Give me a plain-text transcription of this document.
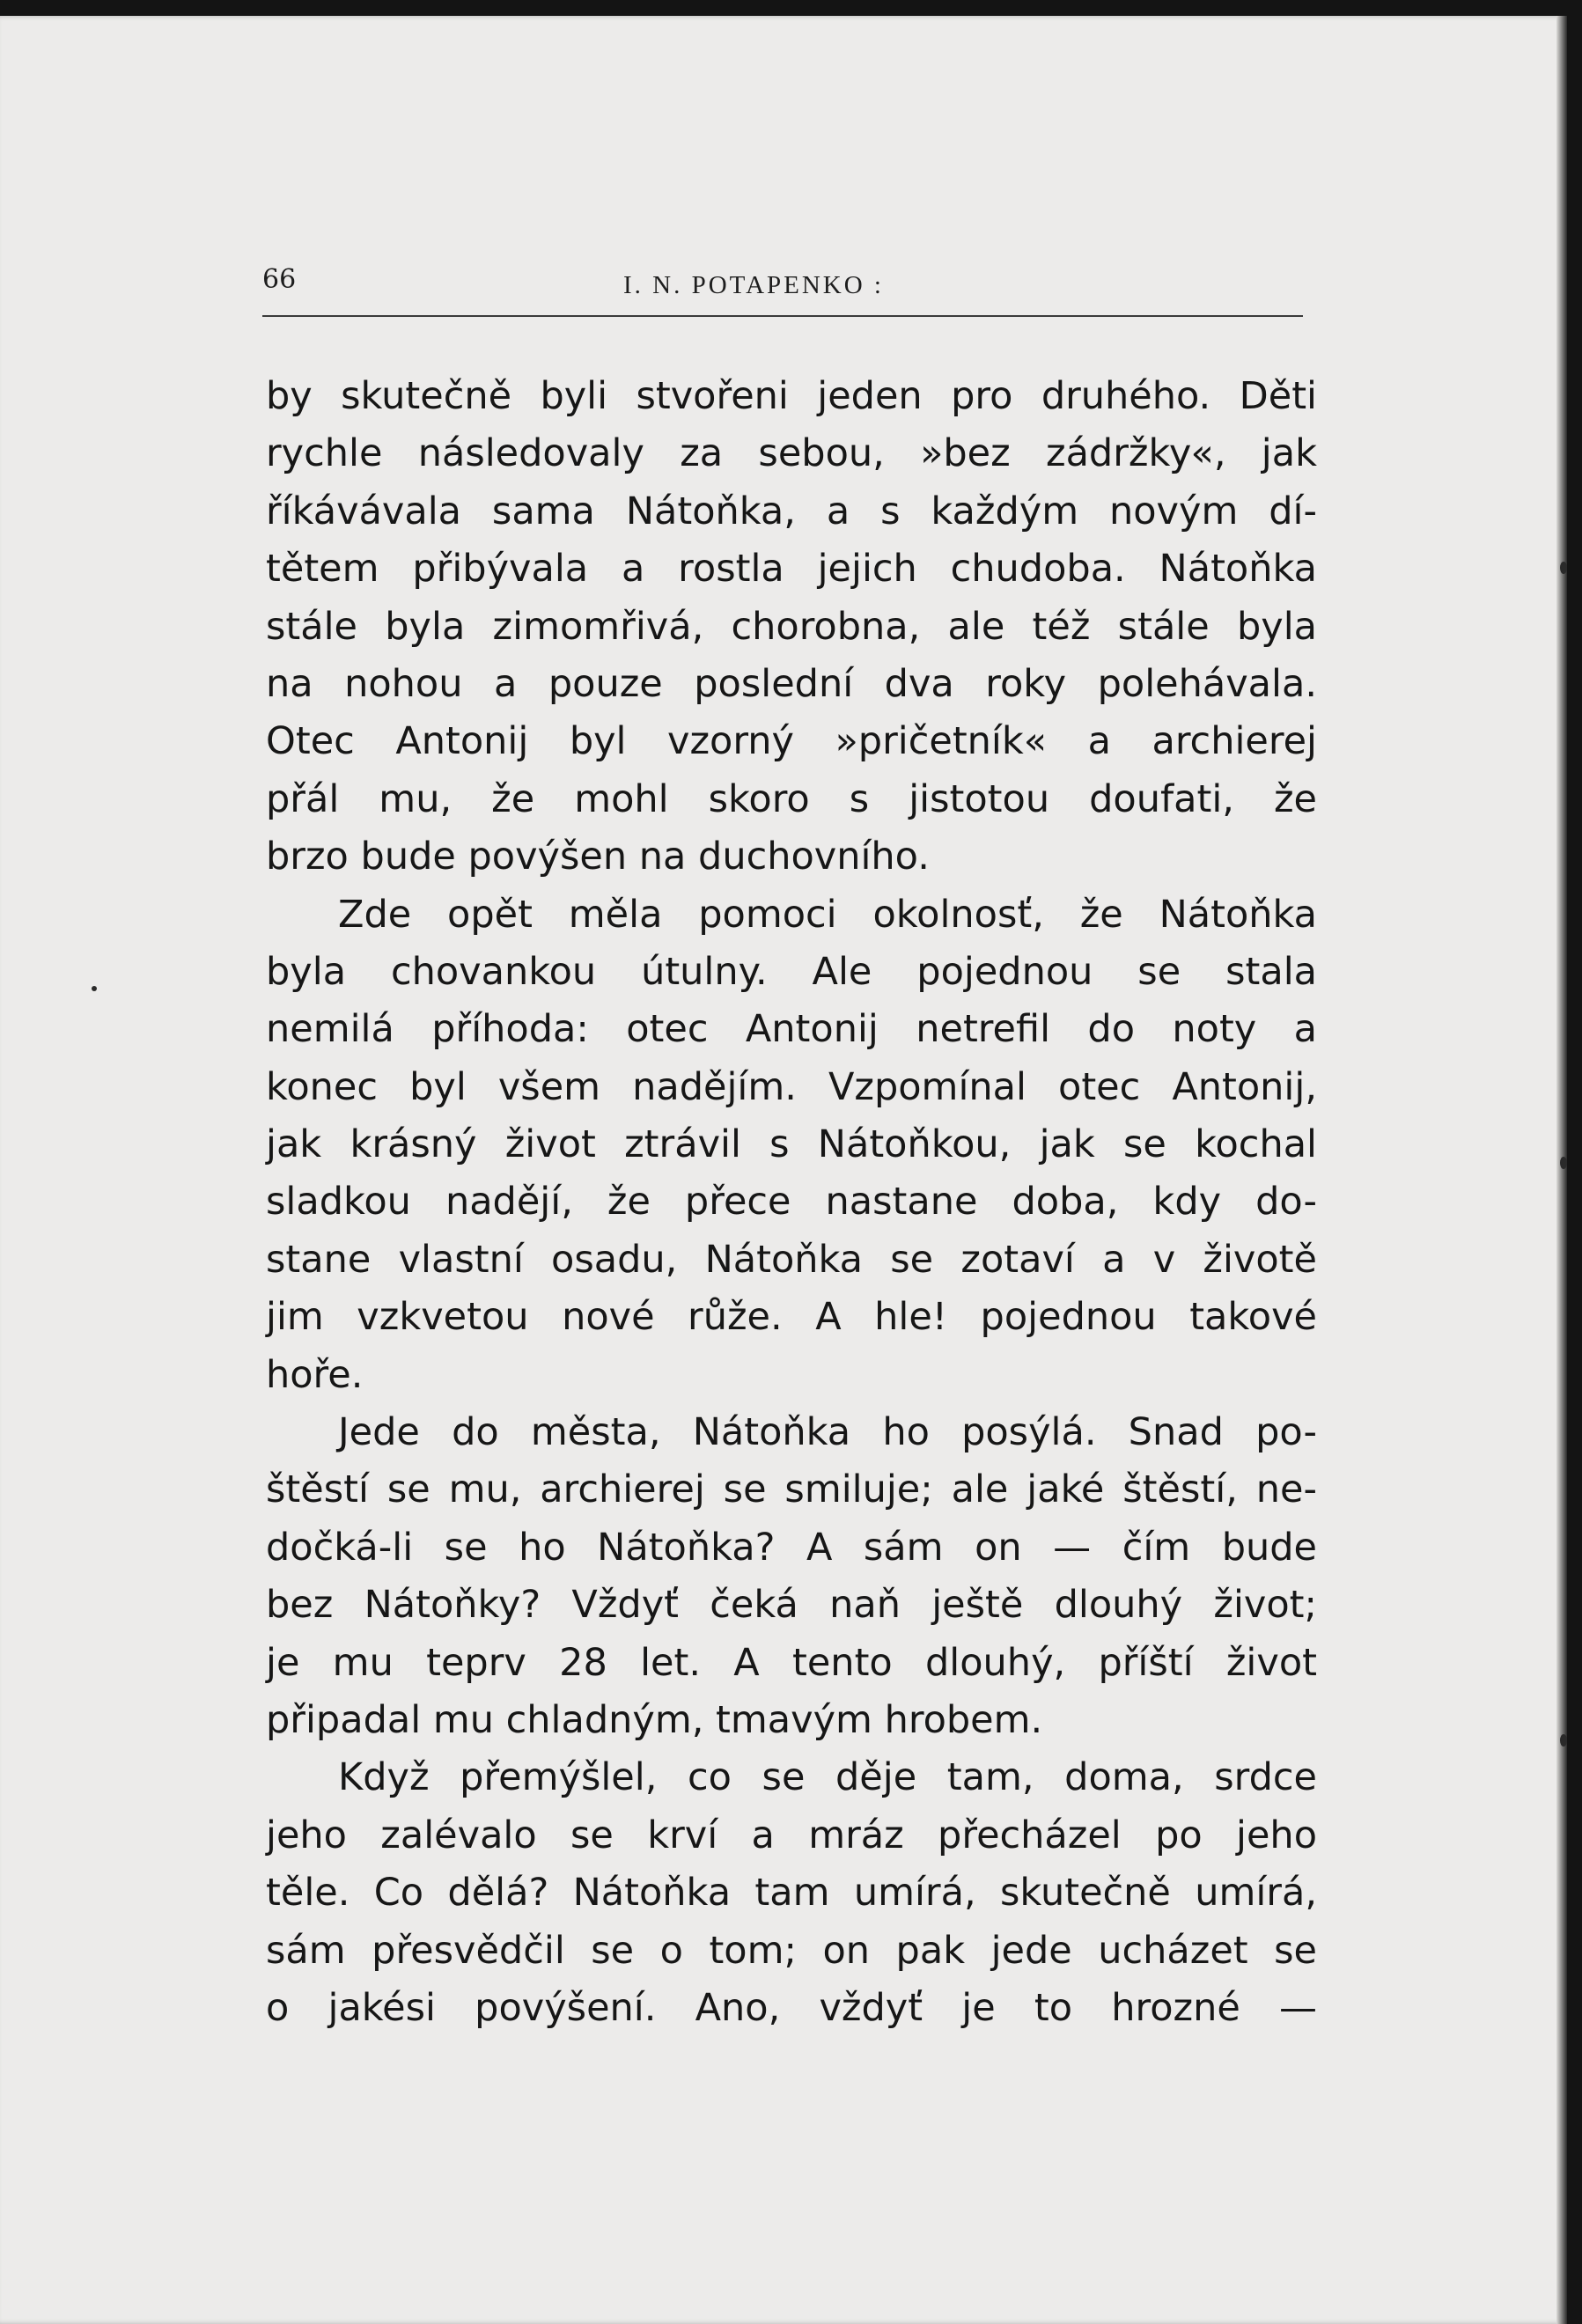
66	I. N. POTAPENKO :
by skutečně byli stvořeni jeden pro druhého. Děti
rychle následovaly za sebou, »bez zádržky«, jak
říkávávala sama Nátoňka, a s každým novým dí-
tětem přibývala a rostla jejich chudoba. Nátoňka
stále byla zimomřivá, chorobna, ale též stále byla
na nohou a pouze poslední dva roky polehávala.
Otec Antonij byl vzorný »pričetník« a archierej
přál mu, že mohl skoro s jistotou doufati, že
brzo bude povýšen na duchovního.
Zde opět měla pomoci okolnosť, že Nátoňka
byla chovankou útulny. Ale pojednou se stala
nemilá příhoda: otec Antonij netrefil do noty a
konec byl všem nadějím. Vzpomínal otec Antonij,
jak krásný život ztrávil s Nátoňkou, jak se kochal
sladkou nadějí, že přece nastane doba, kdy do-
stane vlastní osadu, Nátoňka se zotaví a v životě
jim vzkvetou nové růže. A hle! pojednou takové
hoře.
Jede do města, Nátoňka ho posýlá. Snad po-
štěstí se mu, archierej se smiluje; ale jaké štěstí, ne-
dočká-li se ho Nátoňka? A sám on — čím bude
bez Nátoňky? Vždyť čeká naň ještě dlouhý život;
je mu teprv 28 let. A tento dlouhý, příští život
připadal mu chladným, tmavým hrobem.
Když přemýšlel, co se děje tam, doma, srdce
jeho zalévalo se krví a mráz přecházel po jeho
těle. Co dělá? Nátoňka tam umírá, skutečně umírá,
sám přesvědčil se o tom; on pak jede ucházet se
o jakési povýšení. Ano, vždyť je to hrozné —
